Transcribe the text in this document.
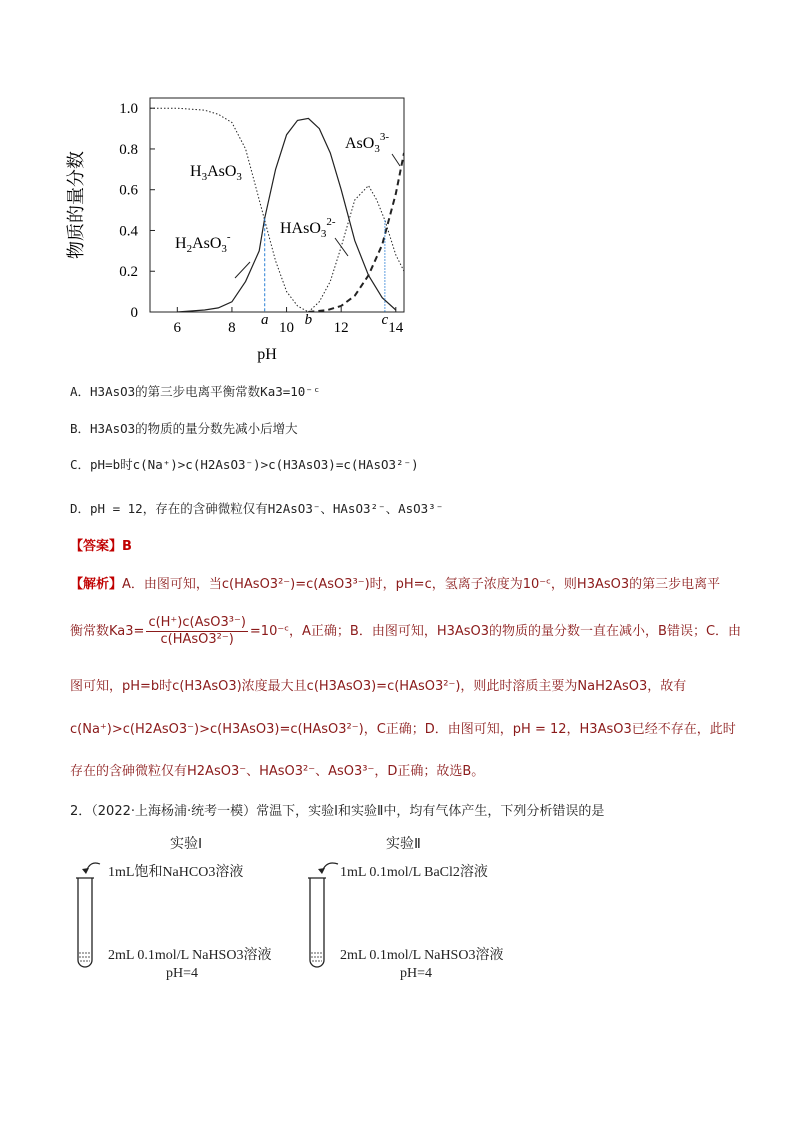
0
0.2
0.4
0.6
0.8
1.0
6	8	10	12	14
pH
物质的量分数
a b	c
$H_3AsO_3$
$H_2AsO_3^-$	HAsO$_3^{2-}$
AsO$_3^{3-}$
A．H3AsO3的第三步电离平衡常数Ka3=10⁻ᶜ
B．H3AsO3的物质的量分数先减小后增大
C．pH=b时c(Na⁺)>c(H2AsO3⁻)>c(H3AsO3)=c(HAsO3²⁻)
D．pH = 12，存在的含砷微粒仅有H2AsO3⁻、HAsO3²⁻、AsO3³⁻
【答案】B
【解析】A．由图可知，当c(HAsO3²⁻)=c(AsO3³⁻)时，pH=c，氢离子浓度为10⁻ᶜ，则H3AsO3的第三步电离平
衡常数$Ka3= \frac{\text{c(H⁺)c(AsO3³⁻)}}{\text{c(HAsO3²⁻)}}$ =10⁻ᶜ，A正确；B．由图可知，H3AsO3的物质的量分数一直在减小，B错误；C．由
图可知，pH=b时c(H3AsO3)浓度最大且c(H3AsO3)=c(HAsO3²⁻)，则此时溶质主要为NaH2AsO3，故有
c(Na⁺)>c(H2AsO3⁻)>c(H3AsO3)=c(HAsO3²⁻)，C正确；D．由图可知，pH = 12，H3AsO3已经不存在，此时
存在的含砷微粒仅有H2AsO3⁻、HAsO3²⁻、AsO3³⁻，D正确；故选B。
2．（2022·上海杨浦·统考一模）常温下，实验Ⅰ和实验Ⅱ中，均有气体产生，下列分析错误的是
实验Ⅰ
1mL饱和NaHCO3溶液
2mL 0.1mol/L NaHSO3溶液
pH=4
实验Ⅱ
1mL 0.1mol/L BaCl2溶液
2mL 0.1mol/L NaHSO3溶液
pH=4
